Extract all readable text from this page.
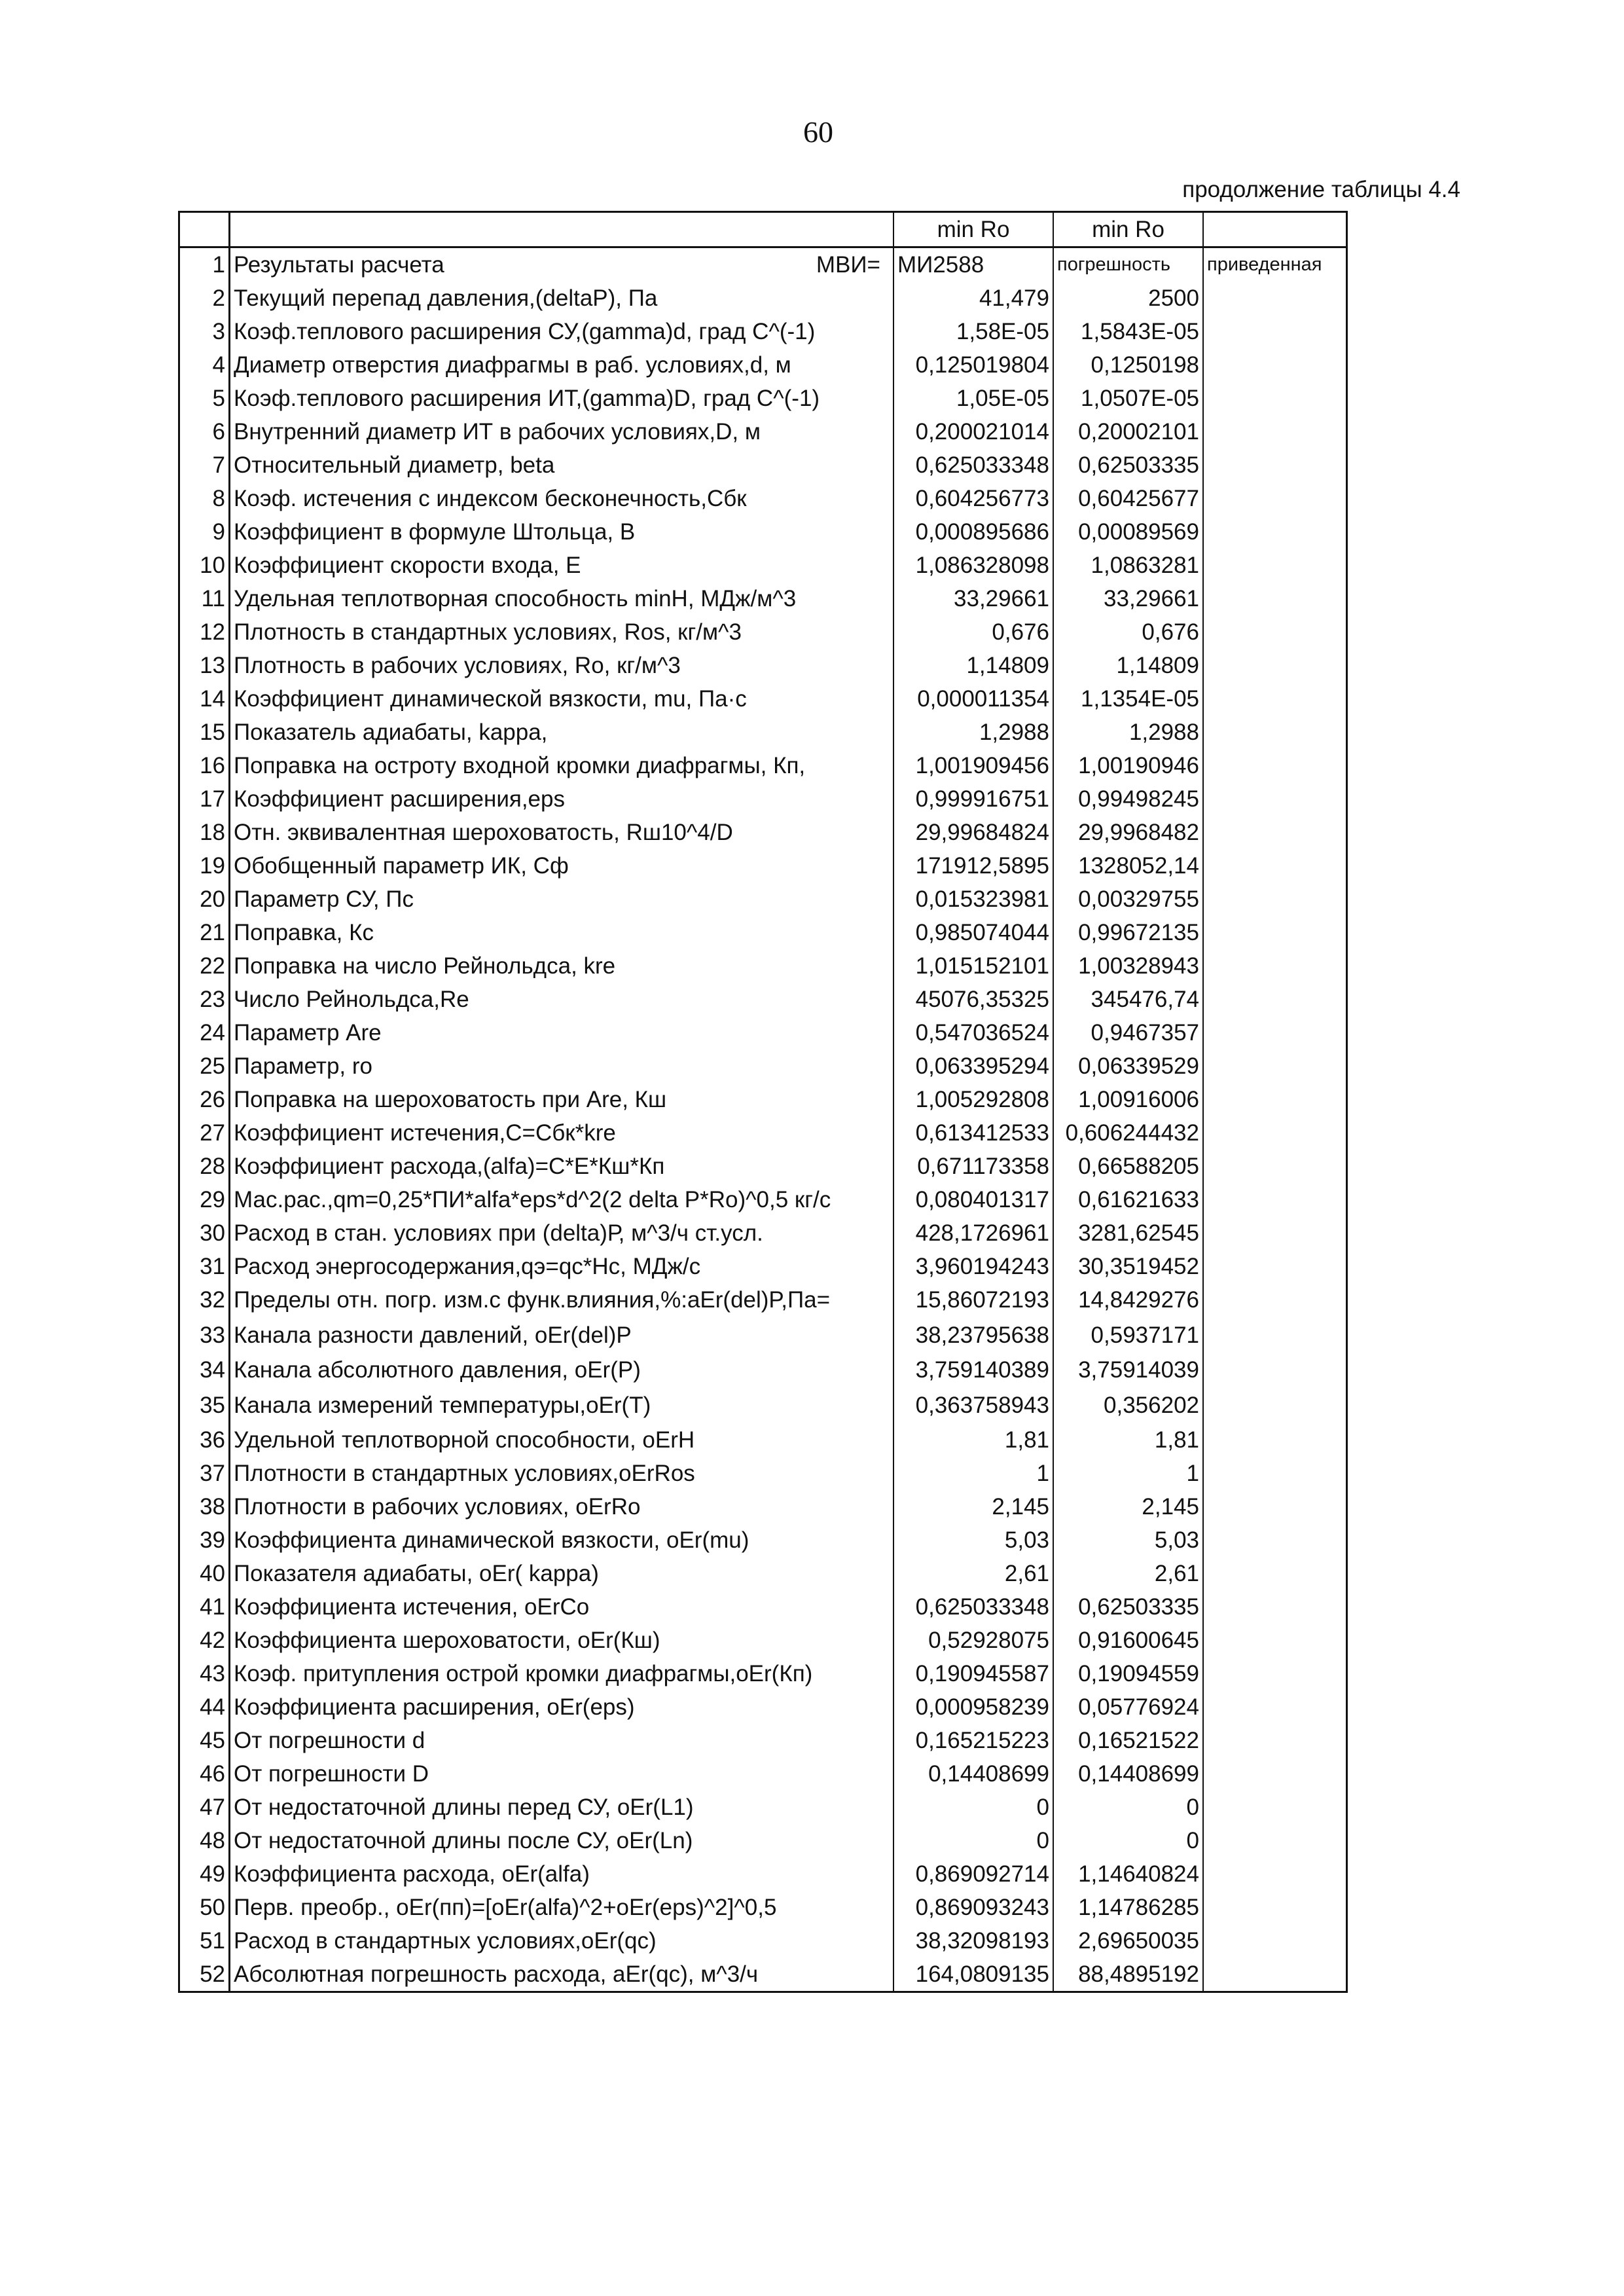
60
продолжение таблицы 4.4
		min Ro	min Ro	
1	Результаты расчета МВИ=	МИ2588	погрешность	приведенная
2	Текущий перепад давления,(deltaP), Па	41,479	2500	
3	Коэф.теплового расширения СУ,(gamma)d, град С^(-1)	1,58E-05	1,5843E-05	
4	Диаметр отверстия диафрагмы в раб. условиях,d, м	0,125019804	0,1250198	
5	Коэф.теплового расширения ИТ,(gamma)D, град С^(-1)	1,05E-05	1,0507E-05	
6	Внутренний диаметр ИТ в рабочих условиях,D, м	0,200021014	0,20002101	
7	Относительный диаметр, beta	0,625033348	0,62503335	
8	Коэф. истечения с индексом бесконечность,Сбк	0,604256773	0,60425677	
9	Коэффициент в формуле Штольца, В	0,000895686	0,00089569	
10	Коэффициент скорости входа, Е	1,086328098	1,0863281	
11	Удельная теплотворная способность minH, МДж/м^3	33,29661	33,29661	
12	Плотность в стандартных условиях, Ros, кг/м^3	0,676	0,676	
13	Плотность в рабочих условиях, Ro, кг/м^3	1,14809	1,14809	
14	Коэффициент динамической вязкости, mu, Па·с	0,000011354	1,1354E-05	
15	Показатель адиабаты, kappa,	1,2988	1,2988	
16	Поправка на остроту входной кромки диафрагмы, Кп,	1,001909456	1,00190946	
17	Коэффициент расширения,eps	0,999916751	0,99498245	
18	Отн. эквивалентная шероховатость, Rш10^4/D	29,99684824	29,9968482	
19	Обобщенный параметр ИК, Сф	171912,5895	1328052,14	
20	Параметр СУ, Пс	0,015323981	0,00329755	
21	Поправка, Кс	0,985074044	0,99672135	
22	Поправка на число Рейнольдса, kre	1,015152101	1,00328943	
23	Число Рейнольдса,Re	45076,35325	345476,74	
24	Параметр Аre	0,547036524	0,9467357	
25	Параметр, ro	0,063395294	0,06339529	
26	Поправка на шероховатость при Аre, Кш	1,005292808	1,00916006	
27	Коэффициент истечения,С=Сбк*kre	0,613412533	0,606244432	
28	Коэффициент расхода,(alfa)=С*Е*Кш*Кп	0,671173358	0,66588205	
29	Мас.рас.,qm=0,25*ПИ*alfa*eps*d^2(2 delta P*Ro)^0,5 кг/с	0,080401317	0,61621633	
30	Расход в стан. условиях при (delta)Р, м^3/ч ст.усл.	428,1726961	3281,62545	
31	Расход энергосодержания,qэ=qc*Hc, МДж/с	3,960194243	30,3519452	
32	Пределы отн. погр. изм.с функ.влияния,%:aEr(del)P,Па=	15,86072193	14,8429276	
33	Канала разности давлений, oEr(del)P	38,23795638	0,5937171	
34	Канала абсолютного давления, oEr(P)	3,759140389	3,75914039	
35	Канала измерений температуры,oEr(T)	0,363758943	0,356202	
36	Удельной теплотворной способности, oErH	1,81	1,81	
37	Плотности в стандартных условиях,oErRos	1	1	
38	Плотности в рабочих условиях, oErRo	2,145	2,145	
39	Коэффициента динамической вязкости, oEr(mu)	5,03	5,03	
40	Показателя адиабаты, oEr( kappa)	2,61	2,61	
41	Коэффициента истечения, oErCo	0,625033348	0,62503335	
42	Коэффициента шероховатости, oEr(Кш)	0,52928075	0,91600645	
43	Коэф. притупления острой кромки диафрагмы,oEr(Кп)	0,190945587	0,19094559	
44	Коэффициента расширения, oEr(eps)	0,000958239	0,05776924	
45	От погрешности d	0,165215223	0,16521522	
46	От погрешности D	0,14408699	0,14408699	
47	От недостаточной длины перед СУ, oEr(L1)	0	0	
48	От недостаточной длины после СУ, oEr(Ln)	0	0	
49	Коэффициента расхода, oEr(alfa)	0,869092714	1,14640824	
50	Перв. преобр., oEr(пп)=[oEr(alfa)^2+oEr(eps)^2]^0,5	0,869093243	1,14786285	
51	Расход в стандартных условиях,oEr(qc)	38,32098193	2,69650035	
52	Абсолютная погрешность расхода, aEr(qc), м^3/ч	164,0809135	88,4895192	
